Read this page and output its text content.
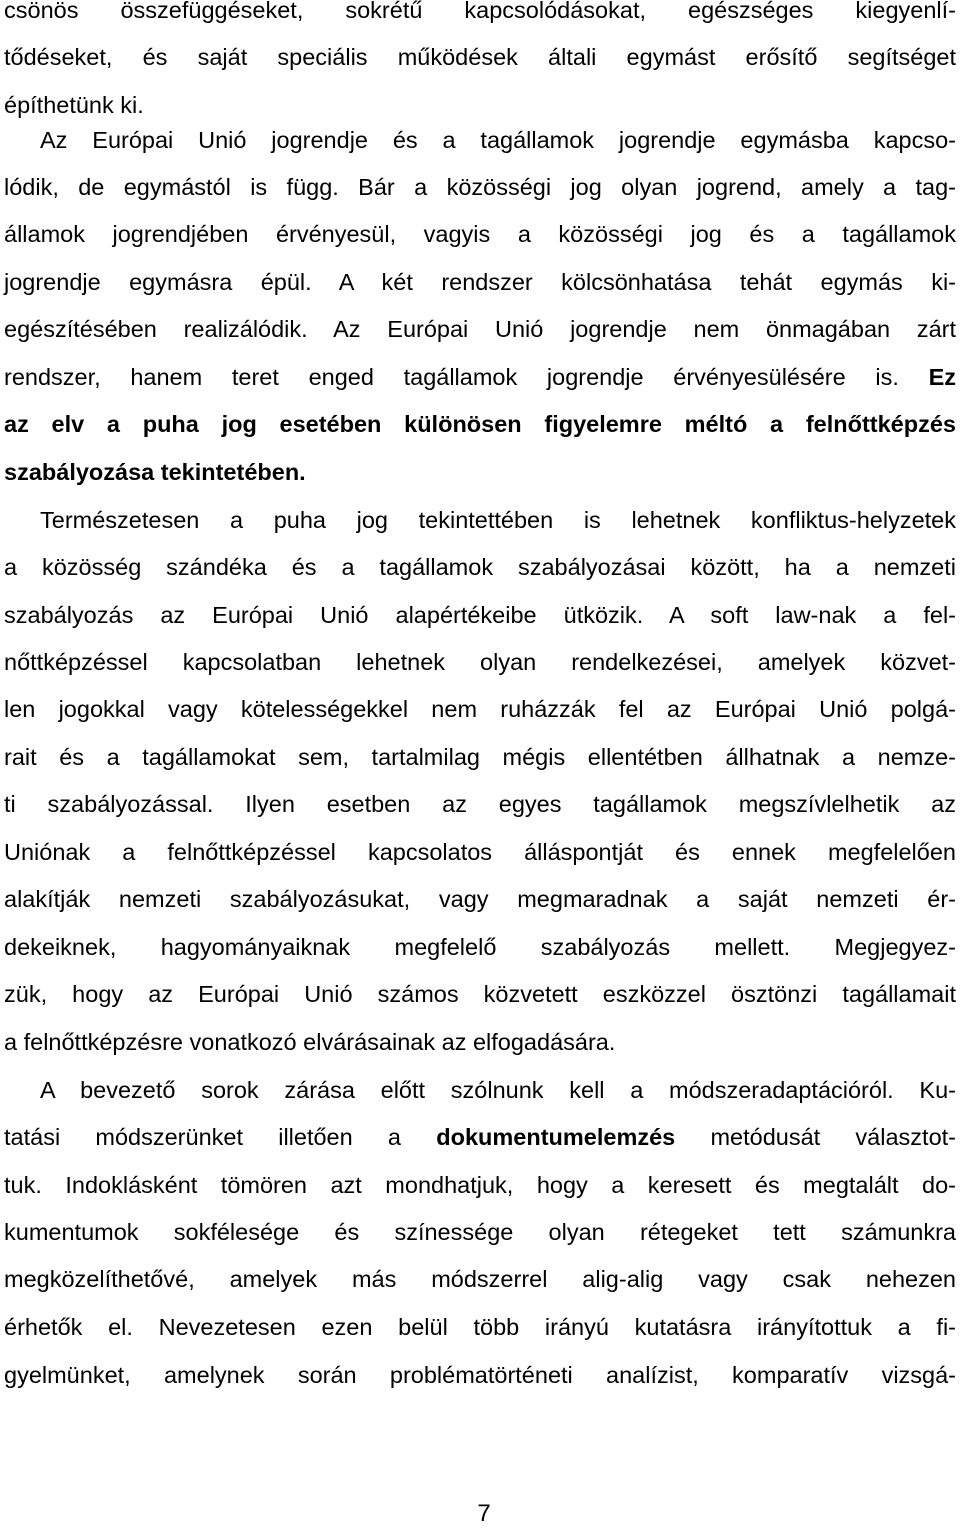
csönös összefüggéseket, sokrétű kapcsolódásokat, egészséges kiegyenlí-
tődéseket, és saját speciális működések általi egymást erősítő segítséget
építhetünk ki.
Az Európai Unió jogrendje és a tagállamok jogrendje egymásba kapcso-
lódik, de egymástól is függ. Bár a közösségi jog olyan jogrend, amely a tag-
államok jogrendjében érvényesül, vagyis a közösségi jog és a tagállamok
jogrendje egymásra épül. A két rendszer kölcsönhatása tehát egymás ki-
egészítésében realizálódik. Az Európai Unió jogrendje nem önmagában zárt
rendszer, hanem teret enged tagállamok jogrendje érvényesülésére is. Ez
az elv a puha jog esetében különösen figyelemre méltó a felnőttképzés
szabályozása tekintetében.
Természetesen a puha jog tekintettében is lehetnek konfliktus-helyzetek
a közösség szándéka és a tagállamok szabályozásai között, ha a nemzeti
szabályozás az Európai Unió alapértékeibe ütközik. A soft law-nak a fel-
nőttképzéssel kapcsolatban lehetnek olyan rendelkezései, amelyek közvet-
len jogokkal vagy kötelességekkel nem ruházzák fel az Európai Unió polgá-
rait és a tagállamokat sem, tartalmilag mégis ellentétben állhatnak a nemze-
ti szabályozással. Ilyen esetben az egyes tagállamok megszívlelhetik az
Uniónak a felnőttképzéssel kapcsolatos álláspontját és ennek megfelelően
alakítják nemzeti szabályozásukat, vagy megmaradnak a saját nemzeti ér-
dekeiknek, hagyományaiknak megfelelő szabályozás mellett. Megjegyez-
zük, hogy az Európai Unió számos közvetett eszközzel ösztönzi tagállamait
a felnőttképzésre vonatkozó elvárásainak az elfogadására.
A bevezető sorok zárása előtt szólnunk kell a módszeradaptációról. Ku-
tatási módszerünket illetően a dokumentumelemzés metódusát választot-
tuk. Indoklásként tömören azt mondhatjuk, hogy a keresett és megtalált do-
kumentumok sokfélesége és színessége olyan rétegeket tett számunkra
megközelíthetővé, amelyek más módszerrel alig-alig vagy csak nehezen
érhetők el. Nevezetesen ezen belül több irányú kutatásra irányítottuk a fi-
gyelmünket, amelynek során problématörténeti analízist, komparatív vizsgá-
7
